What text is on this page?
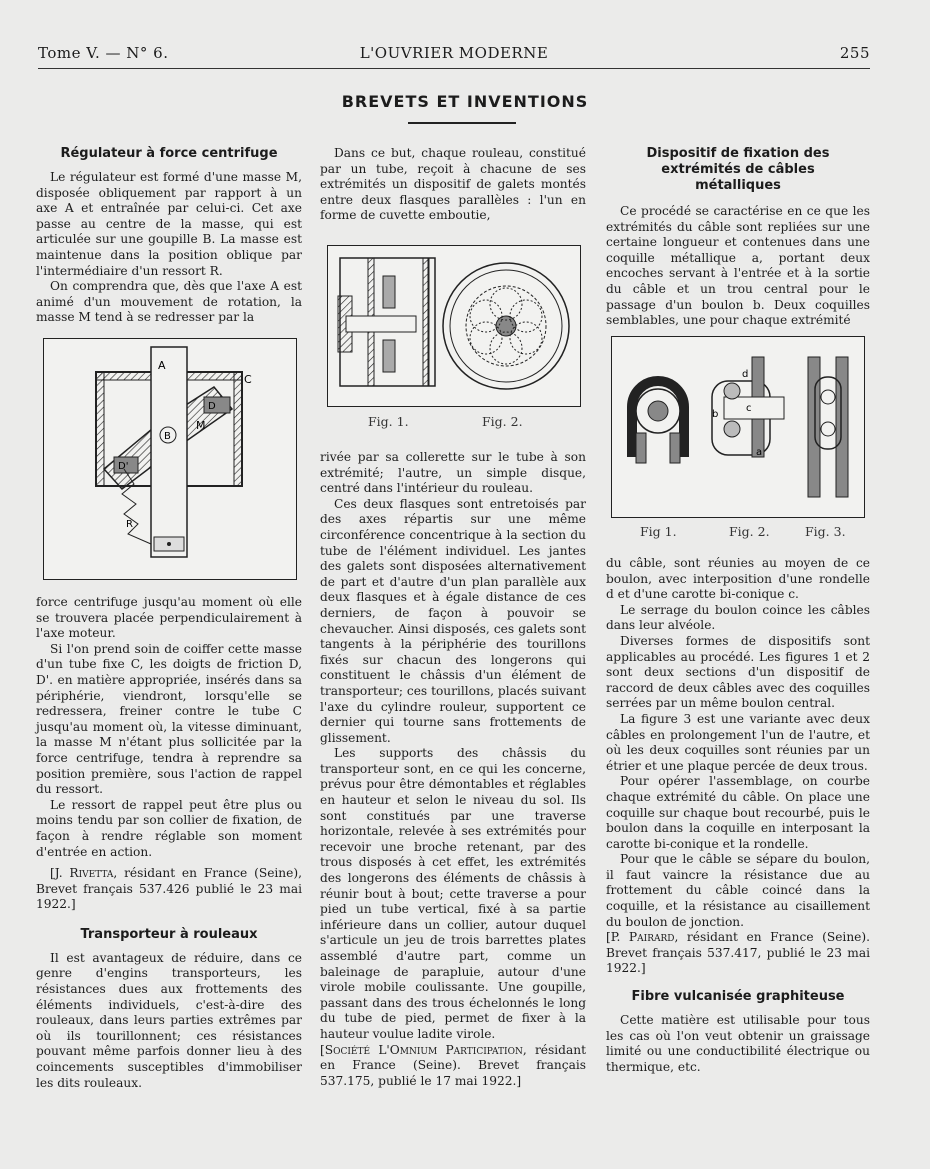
Tome V. — N° 6.	L'OUVRIER MODERNE	255
BREVETS ET INVENTIONS
Régulateur à force centrifuge

Le régulateur est formé d'une masse M, disposée obliquement par rapport à un axe A et entraînée par celui-ci. Cet axe passe au centre de la masse, qui est articulée sur une goupille B. La masse est maintenue dans la position oblique par l'intermédiaire d'un ressort R.

On comprendra que, dès que l'axe A est animé d'un mouvement de rotation, la masse M tend à se redresser par la

A
C
D
D'
B
M
R

force centrifuge jusqu'au moment où elle se trouvera placée perpendiculairement à l'axe moteur.

Si l'on prend soin de coiffer cette masse d'un tube fixe C, les doigts de friction D, D'. en matière appropriée, insérés dans sa périphérie, viendront, lorsqu'elle se redressera, freiner contre le tube C jusqu'au moment où, la vitesse diminuant, la masse M n'étant plus sollicitée par la force centrifuge, tendra à reprendre sa position première, sous l'action de rappel du ressort.

Le ressort de rappel peut être plus ou moins tendu par son collier de fixation, de façon à rendre réglable son moment d'entrée en action.

[J. Rivetta, résidant en France (Seine), Brevet français 537.426 publié le 23 mai 1922.]

Transporteur à rouleaux

Il est avantageux de réduire, dans ce genre d'engins transporteurs, les résistances dues aux frottements des éléments individuels, c'est-à-dire des rouleaux, dans leurs parties extrêmes par où ils tourillonnent; ces résistances pouvant même parfois donner lieu à des coincements susceptibles d'immobiliser les dits rouleaux.

Dans ce but, chaque rouleau, constitué par un tube, reçoit à chacune de ses extrémités un dispositif de galets montés entre deux flasques parallèles : l'un en forme de cuvette emboutie,

Fig. 1.	Fig. 2.

rivée par sa collerette sur le tube à son extrémité; l'autre, un simple disque, centré dans l'intérieur du rouleau.

Ces deux flasques sont entretoisés par des axes répartis sur une même circonférence concentrique à la section du tube de l'élément individuel. Les jantes des galets sont disposées alternativement de part et d'autre d'un plan parallèle aux deux flasques et à égale distance de ces derniers, de façon à pouvoir se chevaucher. Ainsi disposés, ces galets sont tangents à la périphérie des tourillons fixés sur chacun des longerons qui constituent le châssis d'un élément de transporteur; ces tourillons, placés suivant l'axe du cylindre rouleur, supportent ce dernier qui tourne sans frottements de glissement.

Les supports des châssis du transporteur sont, en ce qui les concerne, prévus pour être démontables et réglables en hauteur et selon le niveau du sol. Ils sont constitués par une traverse horizontale, relevée à ses extrémités pour recevoir une broche retenant, par des trous disposés à cet effet, les extrémités des longerons des éléments de châssis à réunir bout à bout; cette traverse a pour pied un tube vertical, fixé à sa partie inférieure dans un collier, autour duquel s'articule un jeu de trois barrettes plates assemblé d'autre part, comme un baleinage de parapluie, autour d'une virole mobile coulissante. Une goupille, passant dans des trous échelonnés le long du tube de pied, permet de fixer à la hauteur voulue ladite virole.

[Société L'Omnium Participation, résidant en France (Seine). Brevet français 537.175, publié le 17 mai 1922.]

Dispositif de fixation des extrémités de câbles métalliques

Ce procédé se caractérise en ce que les extrémités du câble sont repliées sur une certaine longueur et contenues dans une coquille métallique a, portant deux encoches servant à l'entrée et à la sortie du câble et un trou central pour le passage d'un boulon b. Deux coquilles semblables, une pour chaque extrémité

a
b
c
d
Fig 1.	Fig. 2.	Fig. 3.

du câble, sont réunies au moyen de ce boulon, avec interposition d'une rondelle d et d'une carotte bi-conique c.

Le serrage du boulon coince les câbles dans leur alvéole.

Diverses formes de dispositifs sont applicables au procédé. Les figures 1 et 2 sont deux sections d'un dispositif de raccord de deux câbles avec des coquilles serrées par un même boulon central.

La figure 3 est une variante avec deux câbles en prolongement l'un de l'autre, et où les deux coquilles sont réunies par un étrier et une plaque percée de deux trous.

Pour opérer l'assemblage, on courbe chaque extrémité du câble. On place une coquille sur chaque bout recourbé, puis le boulon dans la coquille en interposant la carotte bi-conique et la rondelle.

Pour que le câble se sépare du boulon, il faut vaincre la résistance due au frottement du câble coincé dans la coquille, et la résistance au cisaillement du boulon de jonction.

[P. Pairard, résidant en France (Seine). Brevet français 537.417, publié le 23 mai 1922.]

Fibre vulcanisée graphiteuse

Cette matière est utilisable pour tous les cas où l'on veut obtenir un graissage limité ou une conductibilité électrique ou thermique, etc.
